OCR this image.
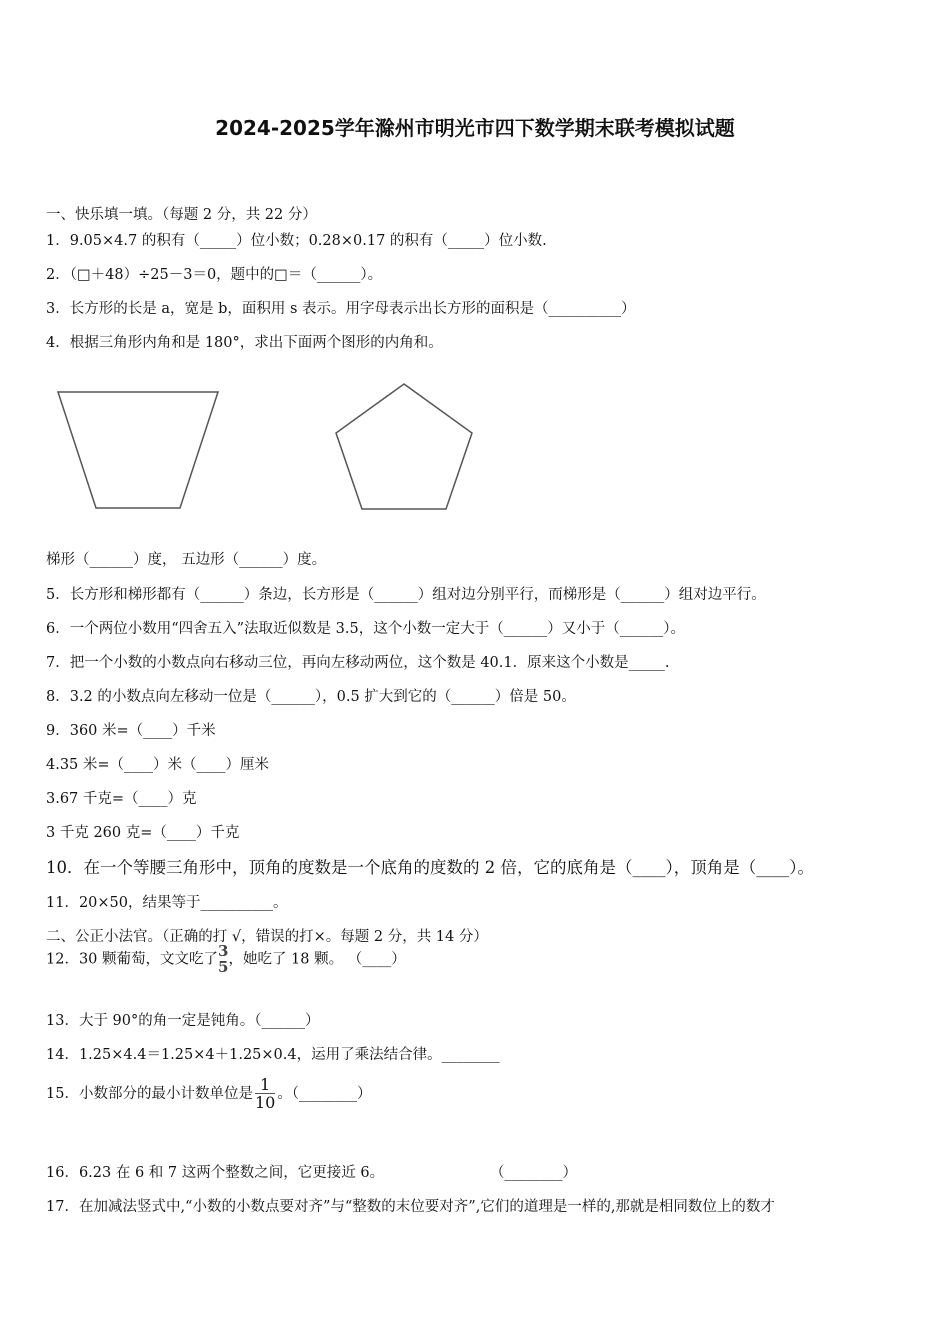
2024-2025学年滁州市明光市四下数学期末联考模拟试题
一、快乐填一填。（每题 2 分，共 22 分）
1．9.05×4.7 的积有（_____）位小数；0.28×0.17 的积有（_____）位小数.
2．（□＋48）÷25－3＝0，题中的□＝（______）。
3．长方形的长是 a，宽是 b，面积用 s 表示。用字母表示出长方形的面积是（__________）
4．根据三角形内角和是 180°，求出下面两个图形的内角和。
梯形（______）度， 五边形（______）度。
5．长方形和梯形都有（______）条边，长方形是（______）组对边分别平行，而梯形是（______）组对边平行。
6．一个两位小数用“四舍五入”法取近似数是 3.5，这个小数一定大于（______）又小于（______）。
7．把一个小数的小数点向右移动三位，再向左移动两位，这个数是 40.1．原来这个小数是_____.
8．3.2 的小数点向左移动一位是（______），0.5 扩大到它的（______）倍是 50。
9．360 米=（____）千米
4.35 米=（____）米（____）厘米
3.67 千克=（____）克
3 千克 260 克=（____）千克
10．在一个等腰三角形中，顶角的度数是一个底角的度数的 2 倍，它的底角是（____），顶角是（____）。
11．20×50，结果等于__________。
二、公正小法官。（正确的打 √，错误的打×。每题 2 分，共 14 分）
12．30 颗葡萄，文文吃了 3
5 ，她吃了 18 颗。 （____）
13．大于 90°的角一定是钝角。（______）
14．1.25×4.4＝1.25×4＋1.25×0.4，运用了乘法结合律。________
15．小数部分的最小计数单位是 $\frac{1}{10}$ 。（________）
16．6.23 在 6 和 7 这两个整数之间，它更接近 6。	（________）
17．在加减法竖式中,“小数的小数点要对齐”与“整数的末位要对齐”,它们的道理是一样的,那就是相同数位上的数才
